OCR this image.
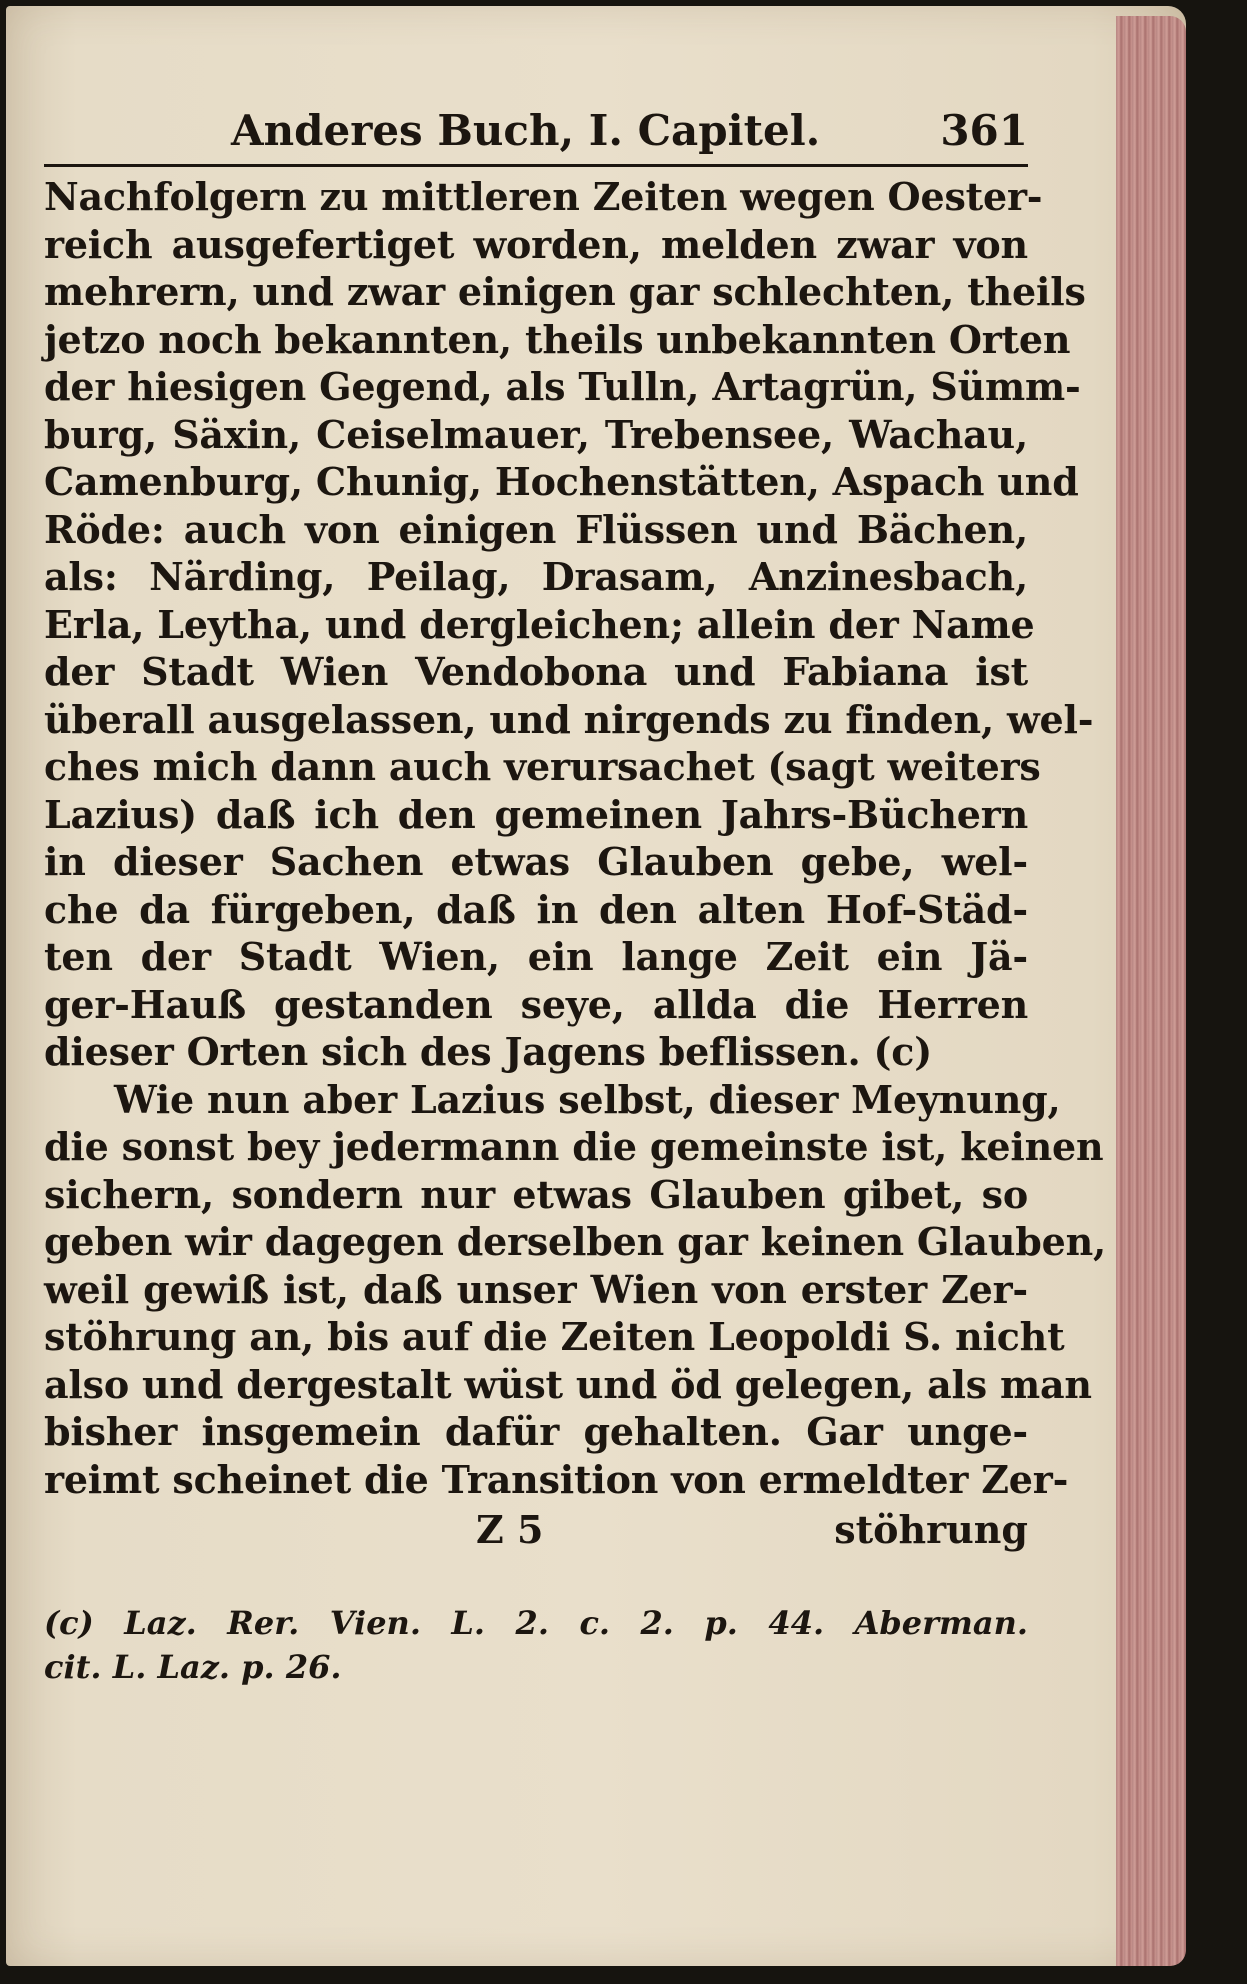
Anderes Buch, I. Capitel.	361
Nachfolgern zu mittleren Zeiten wegen Oester-
reich ausgefertiget worden, melden zwar von
mehrern, und zwar einigen gar schlechten, theils
jetzo noch bekannten, theils unbekannten Orten
der hiesigen Gegend, als Tulln, Artagrün, Sümm-
burg, Säxin, Ceiselmauer, Trebensee, Wachau,
Camenburg, Chunig, Hochenstätten, Aspach und
Röde: auch von einigen Flüssen und Bächen,
als: Närding, Peilag, Drasam, Anzinesbach,
Erla, Leytha, und dergleichen; allein der Name
der Stadt Wien Vendobona und Fabiana ist
überall ausgelassen, und nirgends zu finden, wel-
ches mich dann auch verursachet (sagt weiters
Lazius) daß ich den gemeinen Jahrs-Büchern
in dieser Sachen etwas Glauben gebe, wel-
che da fürgeben, daß in den alten Hof-Städ-
ten der Stadt Wien, ein lange Zeit ein Jä-
ger-Hauß gestanden seye, allda die Herren
dieser Orten sich des Jagens beflissen. (c)
Wie nun aber Lazius selbst, dieser Meynung,
die sonst bey jedermann die gemeinste ist, keinen
sichern, sondern nur etwas Glauben gibet, so
geben wir dagegen derselben gar keinen Glauben,
weil gewiß ist, daß unser Wien von erster Zer-
stöhrung an, bis auf die Zeiten Leopoldi S. nicht
also und dergestalt wüst und öd gelegen, als man
bisher insgemein dafür gehalten. Gar unge-
reimt scheinet die Transition von ermeldter Zer-
Z 5	stöhrung
(c) Laz. Rer. Vien. L. 2. c. 2. p. 44. Aberman.
cit. L. Laz. p. 26.
